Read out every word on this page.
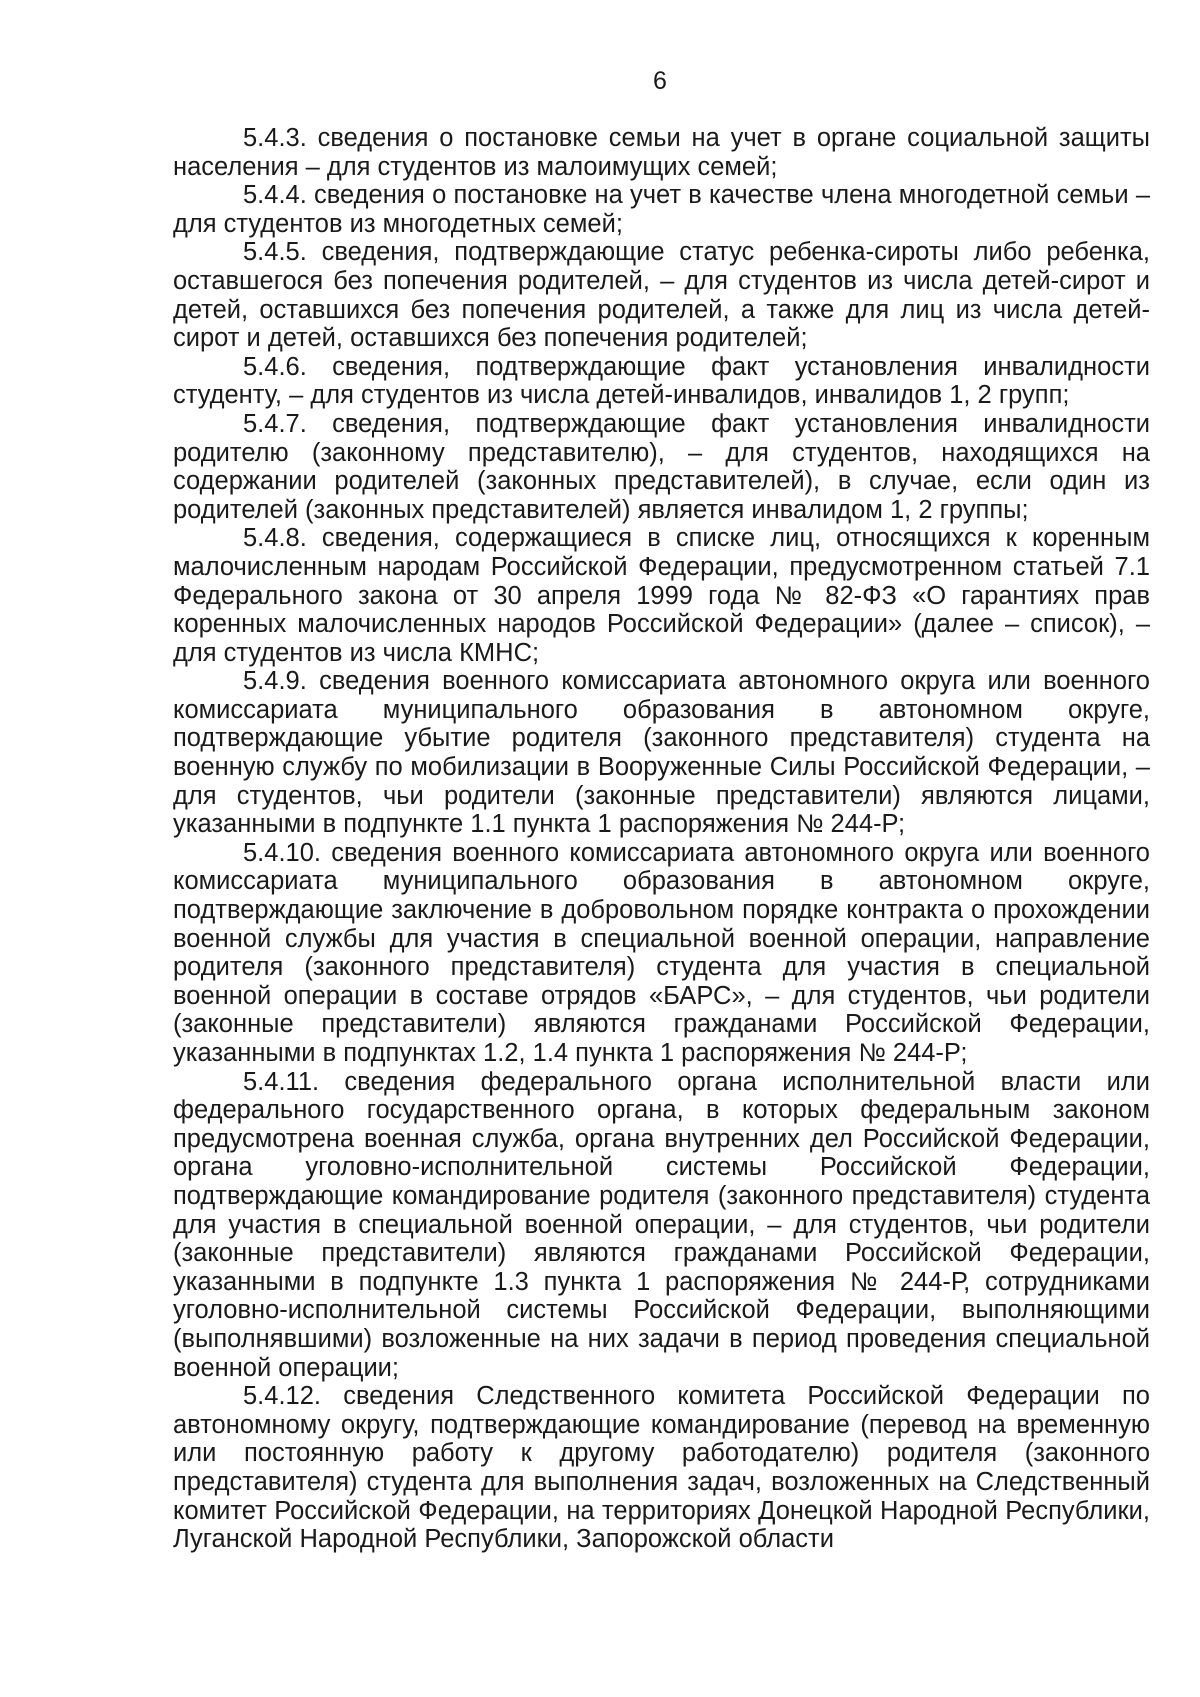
6

5.4.3. сведения о постановке семьи на учет в органе социальной защиты населения – для студентов из малоимущих семей;

5.4.4. сведения о постановке на учет в качестве члена многодетной семьи – для студентов из многодетных семей;

5.4.5. сведения, подтверждающие статус ребенка-сироты либо ребенка, оставшегося без попечения родителей, – для студентов из числа детей-сирот и детей, оставшихся без попечения родителей, а также для лиц из числа детей-сирот и детей, оставшихся без попечения родителей;

5.4.6. сведения, подтверждающие факт установления инвалидности студенту, – для студентов из числа детей-инвалидов, инвалидов 1, 2 групп;

5.4.7. сведения, подтверждающие факт установления инвалидности родителю (законному представителю), – для студентов, находящихся на содержании родителей (законных представителей), в случае, если один из родителей (законных представителей) является инвалидом 1, 2 группы;

5.4.8. сведения, содержащиеся в списке лиц, относящихся к коренным малочисленным народам Российской Федерации, предусмотренном статьей 7.1 Федерального закона от 30 апреля 1999 года № 82-ФЗ «О гарантиях прав коренных малочисленных народов Российской Федерации» (далее – список), – для студентов из числа КМНС;

5.4.9. сведения военного комиссариата автономного округа или военного комиссариата муниципального образования в автономном округе, подтверждающие убытие родителя (законного представителя) студента на военную службу по мобилизации в Вооруженные Силы Российской Федерации, – для студентов, чьи родители (законные представители) являются лицами, указанными в подпункте 1.1 пункта 1 распоряжения № 244-Р;

5.4.10. сведения военного комиссариата автономного округа или военного комиссариата муниципального образования в автономном округе, подтверждающие заключение в добровольном порядке контракта о прохождении военной службы для участия в специальной военной операции, направление родителя (законного представителя) студента для участия в специальной военной операции в составе отрядов «БАРС», – для студентов, чьи родители (законные представители) являются гражданами Российской Федерации, указанными в подпунктах 1.2, 1.4 пункта 1 распоряжения № 244-Р;

5.4.11. сведения федерального органа исполнительной власти или федерального государственного органа, в которых федеральным законом предусмотрена военная служба, органа внутренних дел Российской Федерации, органа уголовно-исполнительной системы Российской Федерации, подтверждающие командирование родителя (законного представителя) студента для участия в специальной военной операции, – для студентов, чьи родители (законные представители) являются гражданами Российской Федерации, указанными в подпункте 1.3 пункта 1 распоряжения № 244-Р, сотрудниками уголовно-исполнительной системы Российской Федерации, выполняющими (выполнявшими) возложенные на них задачи в период проведения специальной военной операции;

5.4.12. сведения Следственного комитета Российской Федерации по автономному округу, подтверждающие командирование (перевод на временную или постоянную работу к другому работодателю) родителя (законного представителя) студента для выполнения задач, возложенных на Следственный комитет Российской Федерации, на территориях Донецкой Народной Республики, Луганской Народной Республики, Запорожской области
